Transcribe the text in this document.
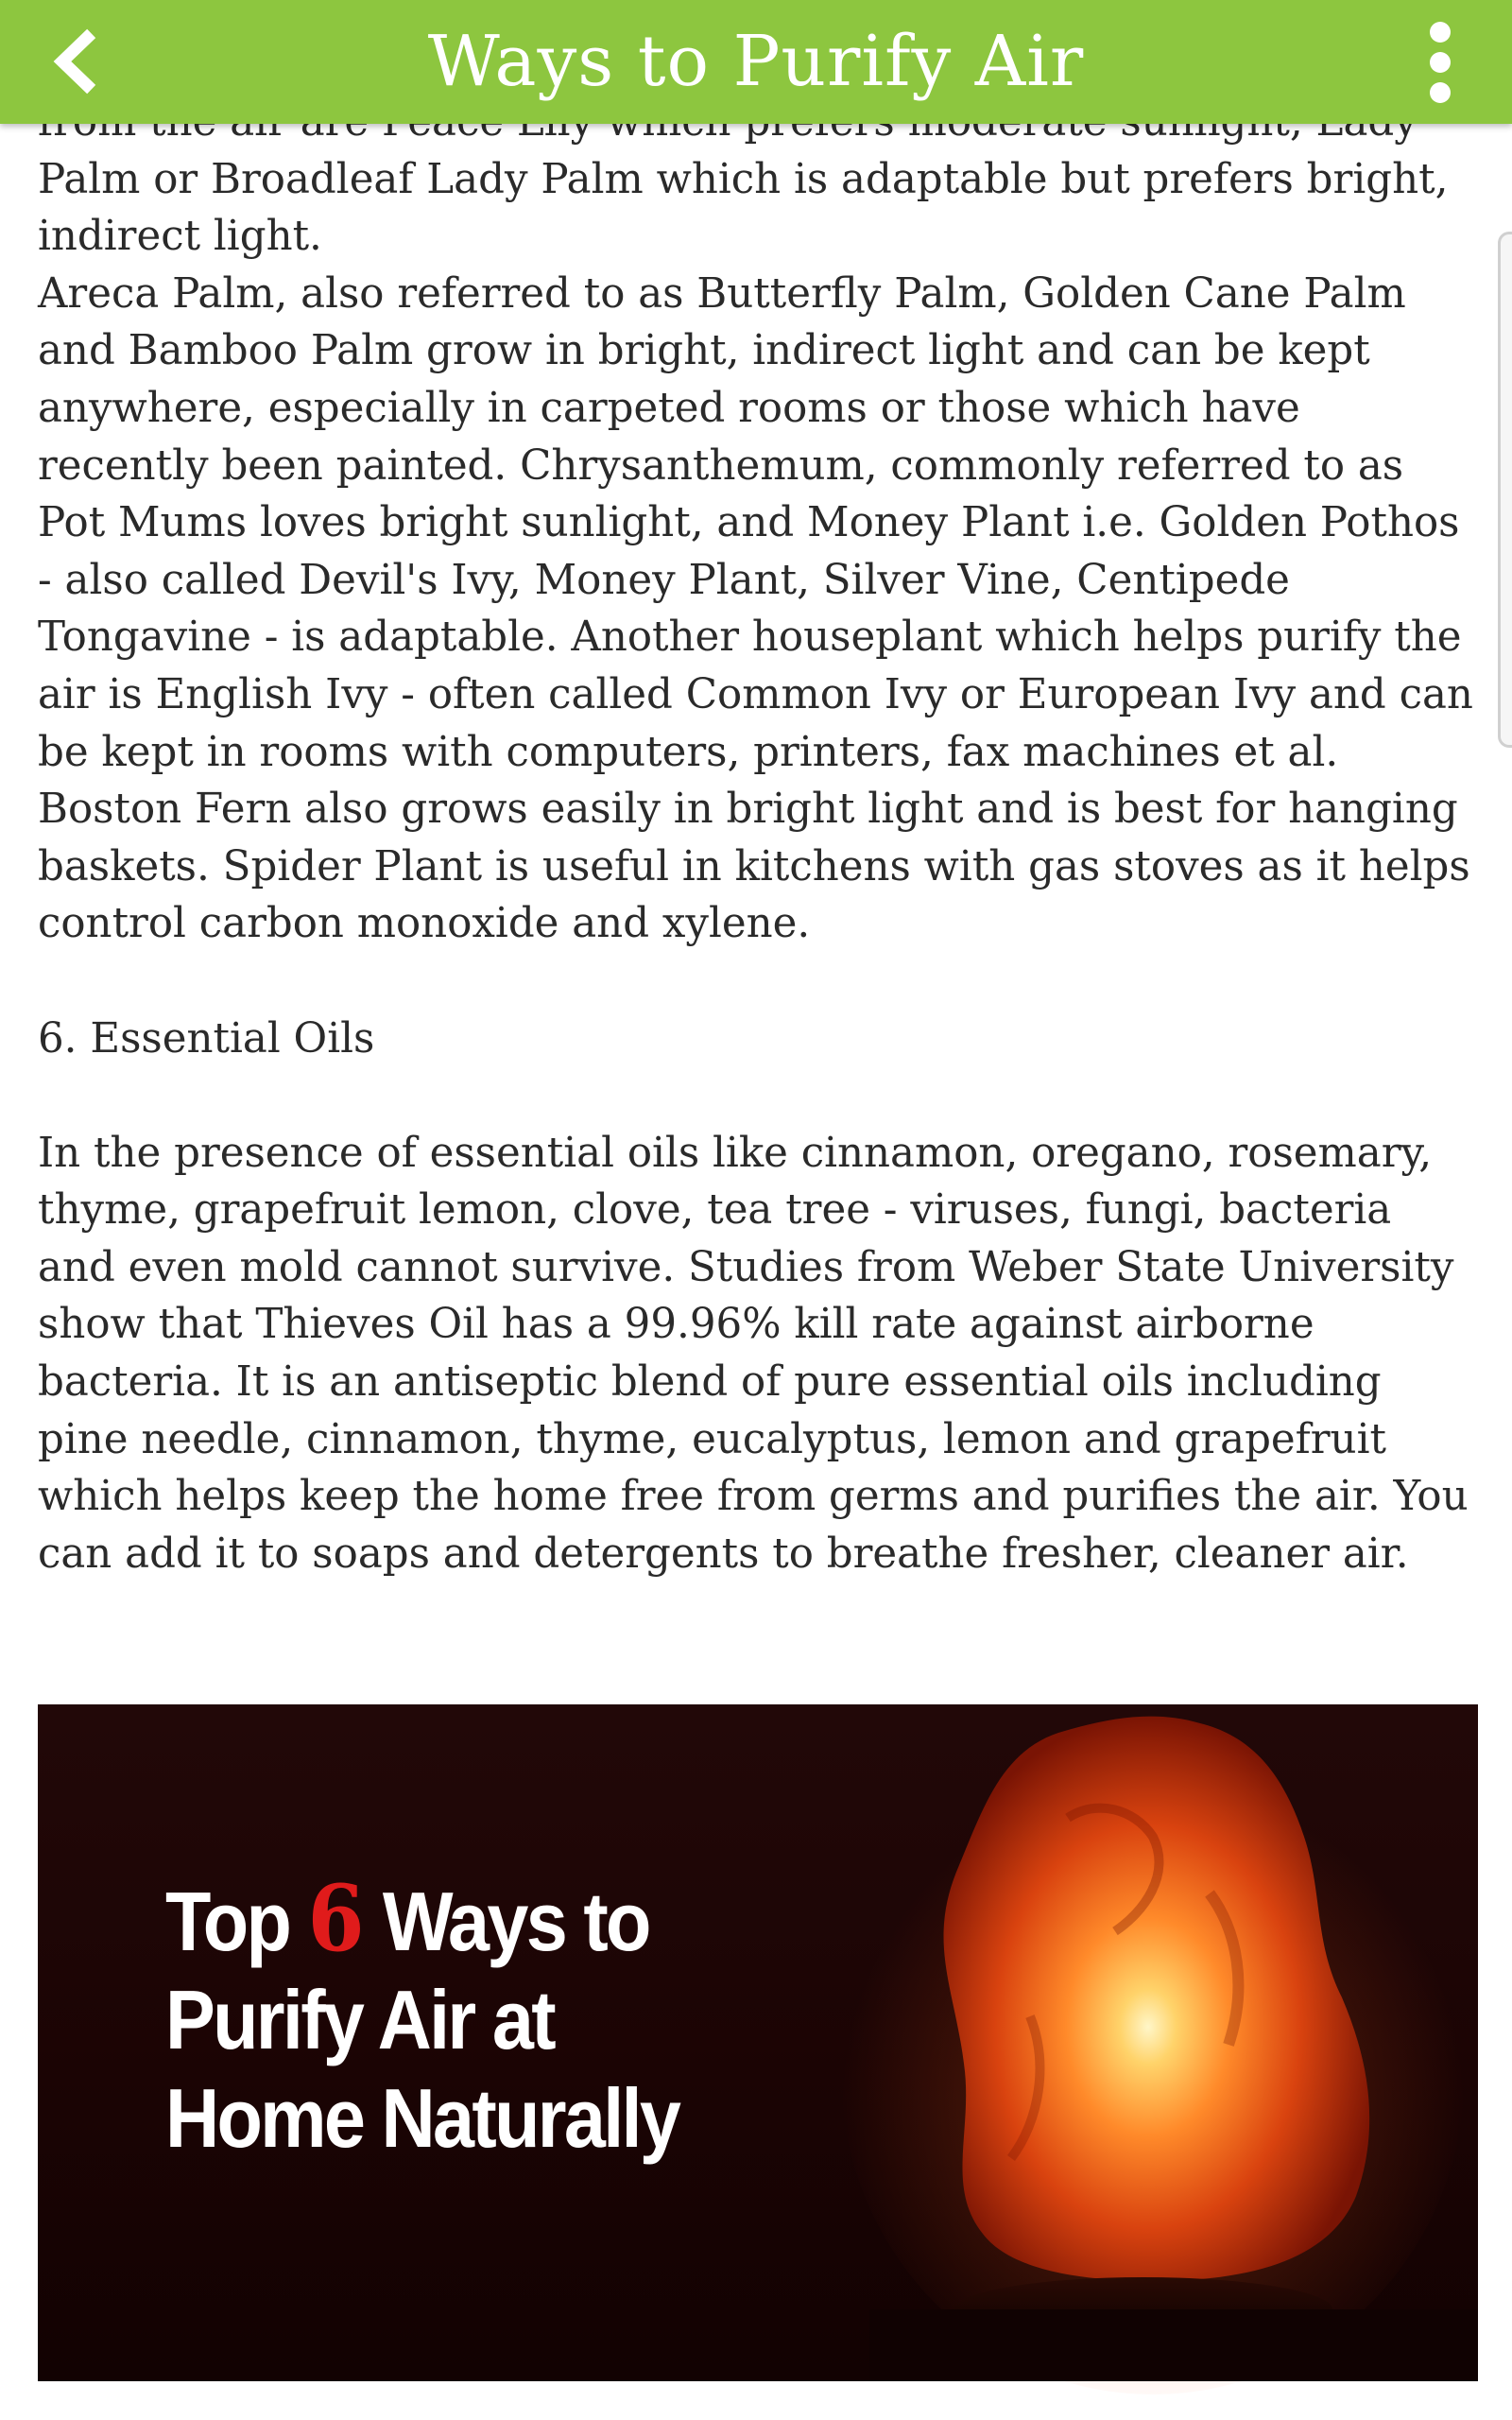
Ways to Purify Air

Palm or Broadleaf Lady Palm which is adaptable but prefers bright, indirect light.

Areca Palm, also referred to as Butterfly Palm, Golden Cane Palm and Bamboo Palm grow in bright, indirect light and can be kept anywhere, especially in carpeted rooms or those which have recently been painted. Chrysanthemum, commonly referred to as Pot Mums loves bright sunlight, and Money Plant i.e. Golden Pothos - also called Devil's Ivy, Money Plant, Silver Vine, Centipede Tongavine - is adaptable. Another houseplant which helps purify the air is English Ivy - often called Common Ivy or European Ivy and can be kept in rooms with computers, printers, fax machines et al. Boston Fern also grows easily in bright light and is best for hanging baskets. Spider Plant is useful in kitchens with gas stoves as it helps control carbon monoxide and xylene.

6. Essential Oils

In the presence of essential oils like cinnamon, oregano, rosemary, thyme, grapefruit lemon, clove, tea tree - viruses, fungi, bacteria and even mold cannot survive. Studies from Weber State University show that Thieves Oil has a 99.96% kill rate against airborne bacteria. It is an antiseptic blend of pure essential oils including pine needle, cinnamon, thyme, eucalyptus, lemon and grapefruit which helps keep the home free from germs and purifies the air. You can add it to soaps and detergents to breathe fresher, cleaner air.

Top 6 Ways to
Purify Air at
Home Naturally
